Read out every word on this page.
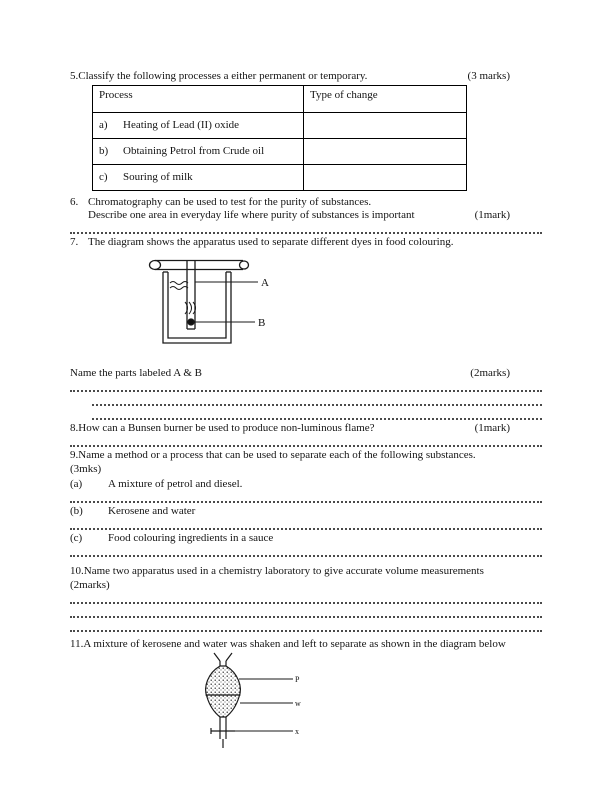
5.Classify the following processes a either permanent or temporary.	(3 marks)
Process	Type of change
a) Heating of Lead (II) oxide	
b) Obtaining Petrol from Crude oil	
c) Souring of milk	
6. Chromatography can be used to test for the purity of substances.
Describe one area in everyday life where purity of substances is important	(1mark)
7. The diagram shows the apparatus used to separate different dyes in food colouring.
A
B
Name the parts labeled A & B	(2marks)
8.How can a Bunsen burner be used to produce non-luminous flame?	(1mark)
9.Name a method or a process that can be used to separate each of the following substances.
(3mks)
(a) A mixture of petrol and diesel.
(b) Kerosene and water
(c) Food colouring ingredients in a sauce
10.Name two apparatus used in a chemistry laboratory to give accurate volume measurements
(2marks)
11.A mixture of kerosene and water was shaken and left to separate as shown in the diagram below
P
w
x
